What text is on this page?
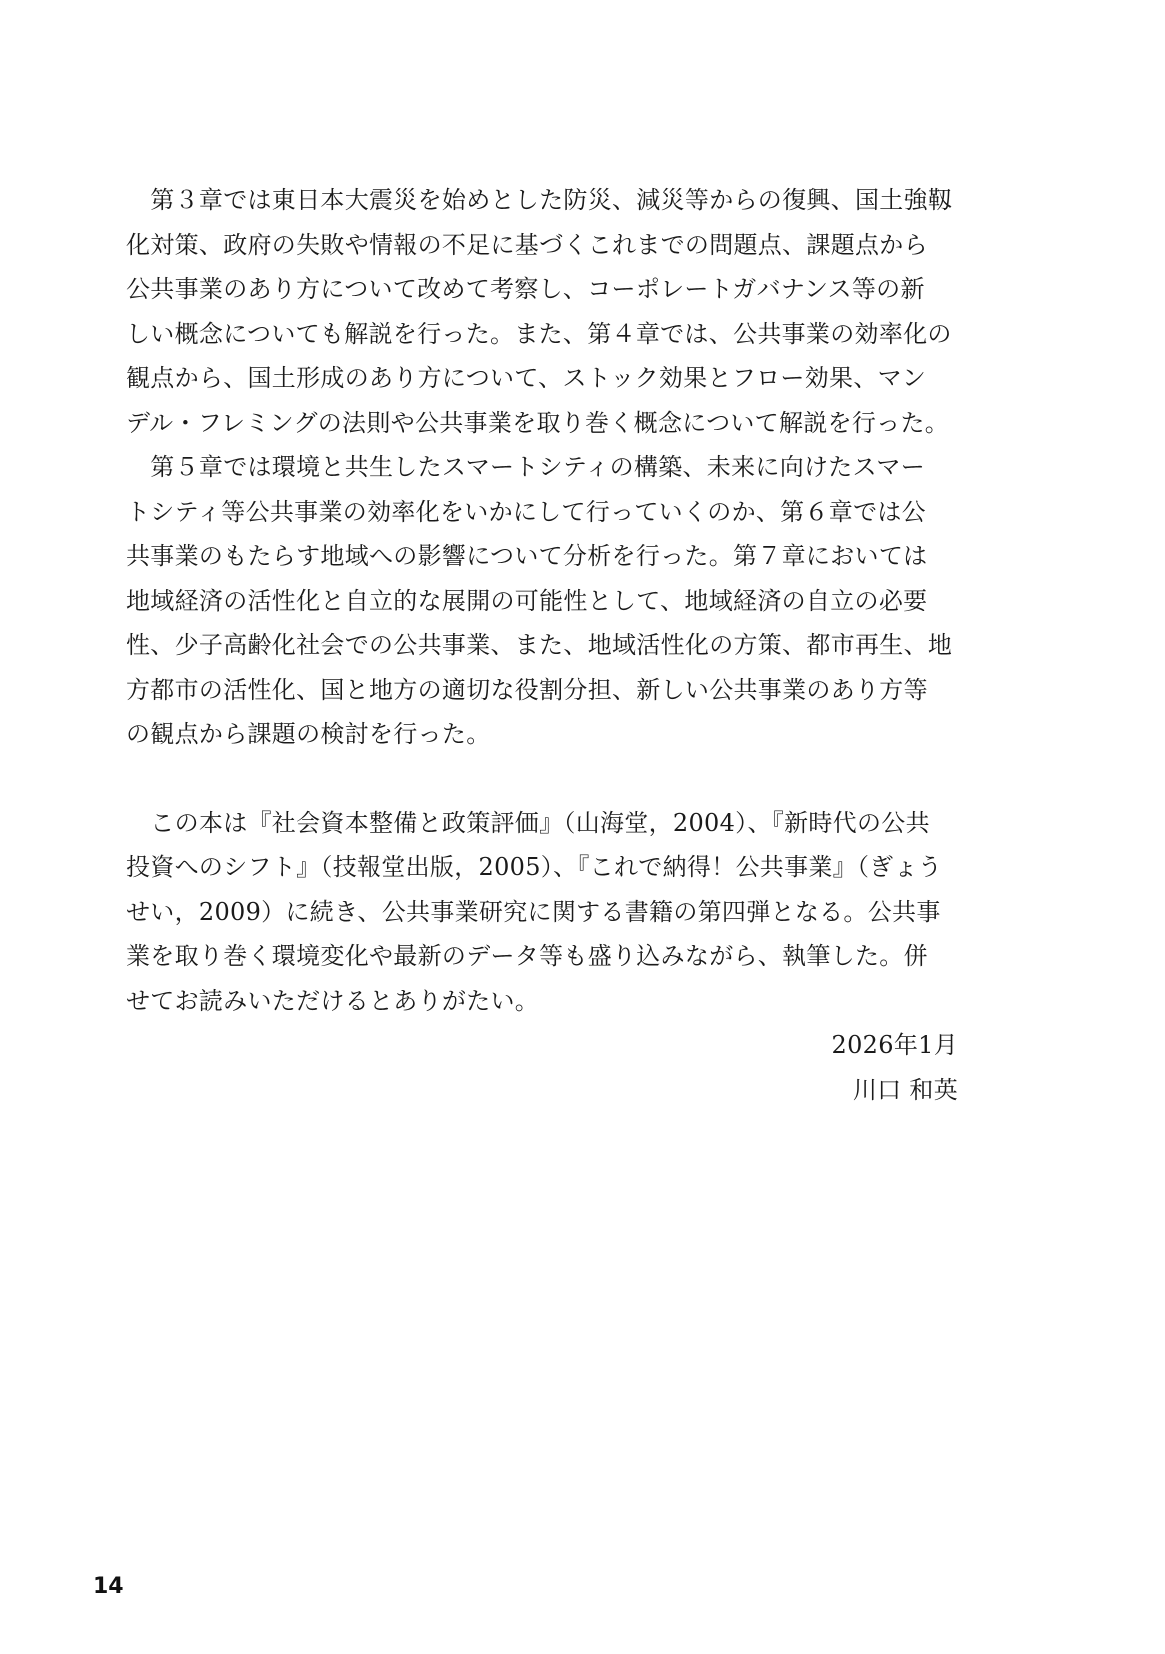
　第３章では東日本大震災を始めとした防災、減災等からの復興、国土強靱
化対策、政府の失敗や情報の不足に基づくこれまでの問題点、課題点から
公共事業のあり方について改めて考察し、コーポレートガバナンス等の新
しい概念についても解説を行った。また、第４章では、公共事業の効率化の
観点から、国土形成のあり方について、ストック効果とフロー効果、マン
デル・フレミングの法則や公共事業を取り巻く概念について解説を行った。
　第５章では環境と共生したスマートシティの構築、未来に向けたスマー
トシティ等公共事業の効率化をいかにして行っていくのか、第６章では公
共事業のもたらす地域への影響について分析を行った。第７章においては
地域経済の活性化と自立的な展開の可能性として、地域経済の自立の必要
性、少子高齢化社会での公共事業、また、地域活性化の方策、都市再生、地
方都市の活性化、国と地方の適切な役割分担、新しい公共事業のあり方等
の観点から課題の検討を行った。
　この本は『社会資本整備と政策評価』（山海堂，2004）、『新時代の公共
投資へのシフト』（技報堂出版，2005）、『これで納得！公共事業』（ぎょう
せい，2009）に続き、公共事業研究に関する書籍の第四弾となる。公共事
業を取り巻く環境変化や最新のデータ等も盛り込みながら、執筆した。併
せてお読みいただけるとありがたい。
2026年1月
川口 和英
14
